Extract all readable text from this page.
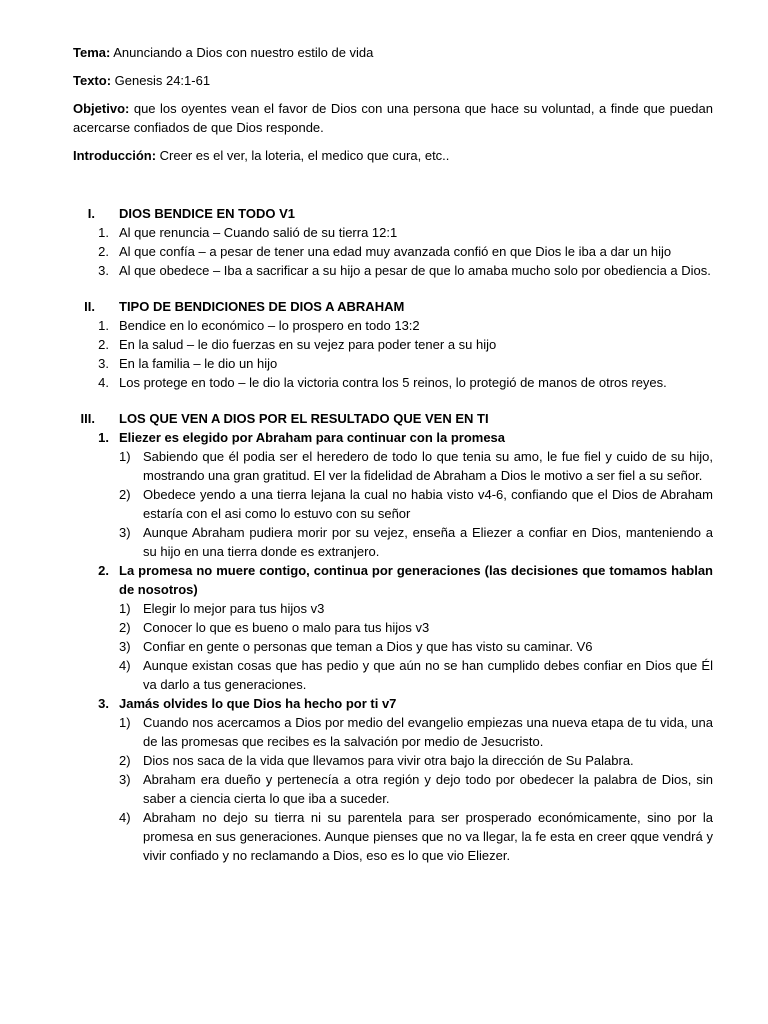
Tema: Anunciando a Dios con nuestro estilo de vida

Texto: Genesis 24:1-61

Objetivo: que los oyentes vean el favor de Dios con una persona que hace su voluntad, a finde que puedan acercarse confiados de que Dios responde.

Introducción: Creer es el ver, la loteria, el medico que cura, etc..

I. DIOS BENDICE EN TODO V1
1. Al que renuncia – Cuando salió de su tierra 12:1
2. Al que confía – a pesar de tener una edad muy avanzada confió en que Dios le iba a dar un hijo
3. Al que obedece – Iba a sacrificar a su hijo a pesar de que lo amaba mucho solo por obediencia a Dios.
II. TIPO DE BENDICIONES DE DIOS A ABRAHAM
1. Bendice en lo económico – lo prospero en todo 13:2
2. En la salud – le dio fuerzas en su vejez para poder tener a su hijo
3. En la familia – le dio un hijo
4. Los protege en todo – le dio la victoria contra los 5 reinos, lo protegió de manos de otros reyes.
III. LOS QUE VEN A DIOS POR EL RESULTADO QUE VEN EN TI
1. Eliezer es elegido por Abraham para continuar con la promesa
1) Sabiendo que él podia ser el heredero de todo lo que tenia su amo, le fue fiel y cuido de su hijo, mostrando una gran gratitud. El ver la fidelidad de Abraham a Dios le motivo a ser fiel a su señor.
2) Obedece yendo a una tierra lejana la cual no habia visto v4-6, confiando que el Dios de Abraham estaría con el asi como lo estuvo con su señor
3) Aunque Abraham pudiera morir por su vejez, enseña a Eliezer a confiar en Dios, manteniendo a su hijo en una tierra donde es extranjero.
2. La promesa no muere contigo, continua por generaciones (las decisiones que tomamos hablan de nosotros)
1) Elegir lo mejor para tus hijos v3
2) Conocer lo que es bueno o malo para tus hijos v3
3) Confiar en gente o personas que teman a Dios y que has visto su caminar. V6
4) Aunque existan cosas que has pedio y que aún no se han cumplido debes confiar en Dios que Él va darlo a tus generaciones.
3. Jamás olvides lo que Dios ha hecho por ti v7
1) Cuando nos acercamos a Dios por medio del evangelio empiezas una nueva etapa de tu vida, una de las promesas que recibes es la salvación por medio de Jesucristo.
2) Dios nos saca de la vida que llevamos para vivir otra bajo la dirección de Su Palabra.
3) Abraham era dueño y pertenecía a otra región y dejo todo por obedecer la palabra de Dios, sin saber a ciencia cierta lo que iba a suceder.
4) Abraham no dejo su tierra ni su parentela para ser prosperado económicamente, sino por la promesa en sus generaciones. Aunque pienses que no va llegar, la fe esta en creer qque vendrá y vivir confiado y no reclamando a Dios, eso es lo que vio Eliezer.
